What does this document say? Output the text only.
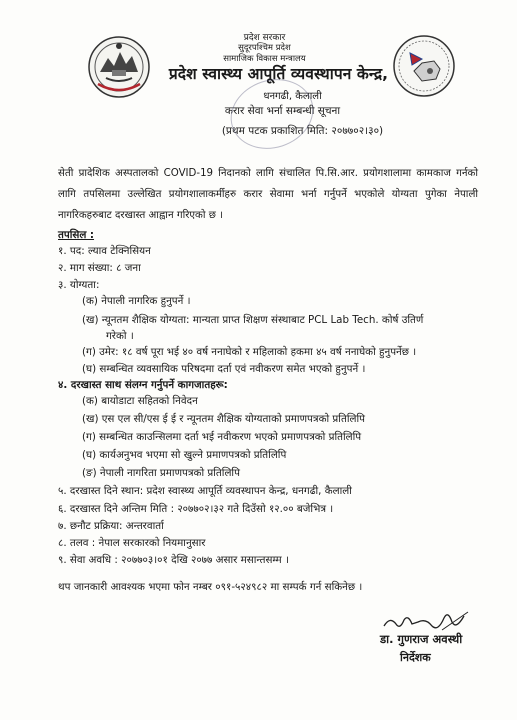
प्रदेश सरकार
सुदूरपश्चिम प्रदेश
सामाजिक विकास मन्त्रालय
प्रदेश स्वास्थ्य आपूर्ति व्यवस्थापन केन्द्र,
धनगढी, कैलाली
करार सेवा भर्ना सम्बन्धी सूचना
(प्रथम पटक प्रकाशित मिति: २०७७०२।३०)
सेती प्रादेशिक अस्पतालको COVID-19 निदानको लागि संचालित पि.सि.आर. प्रयोगशालामा कामकाज गर्नको लागि तपसिलमा उल्लेखित प्रयोगशालाकर्मीहरु करार सेवामा भर्ना गर्नुपर्ने भएकोले योग्यता पुगेका नेपाली नागरिकहरुबाट दरखास्त आह्वान गरिएको छ ।
तपसिल :
१. पद: ल्याव टेक्निसियन
२. माग संख्या: ८ जना
३. योग्यता:
(क) नेपाली नागरिक हुनुपर्ने ।
(ख) न्यूनतम शैक्षिक योग्यता: मान्यता प्राप्त शिक्षण संस्थाबाट PCL Lab Tech. कोर्ष उतिर्ण
गरेको ।
(ग) उमेर: १८ वर्ष पूरा भई ४० वर्ष ननाघेको र महिलाको हकमा ४५ वर्ष ननाघेको हुनुपर्नेछ ।
(घ) सम्बन्धित व्यवसायिक परिषदमा दर्ता एवं नवीकरण समेत भएको हुनुपर्ने ।
४. दरखास्त साथ संलग्न गर्नुपर्ने कागजातहरू:
(क) बायोडाटा सहितको निवेदन
(ख) एस एल सी/एस ई ई र न्यूनतम शैक्षिक योग्यताको प्रमाणपत्रको प्रतिलिपि
(ग) सम्बन्धित काउन्सिलमा दर्ता भई नवीकरण भएको प्रमाणपत्रको प्रतिलिपि
(घ) कार्यअनुभव भएमा सो खुल्ने प्रमाणपत्रको प्रतिलिपि
(ङ) नेपाली नागरिता प्रमाणपत्रको प्रतिलिपि
५. दरखास्त दिने स्थान: प्रदेश स्वास्थ्य आपूर्ति व्यवस्थापन केन्द्र, धनगढी, कैलाली
६. दरखास्त दिने अन्तिम मिति : २०७७०२।३२ गते दिउँसो १२.०० बजेभित्र ।
७. छनौट प्रक्रिया: अन्तरवार्ता
८. तलव : नेपाल सरकारको नियमानुसार
९. सेवा अवधि : २०७७०३।०१ देखि २०७७ असार मसान्तसम्म ।
थप जानकारी आवश्यक भएमा फोन नम्बर ०९१-५२४९८२ मा सम्पर्क गर्न सकिनेछ ।
डा. गुणराज अवस्थी
निर्देशक
